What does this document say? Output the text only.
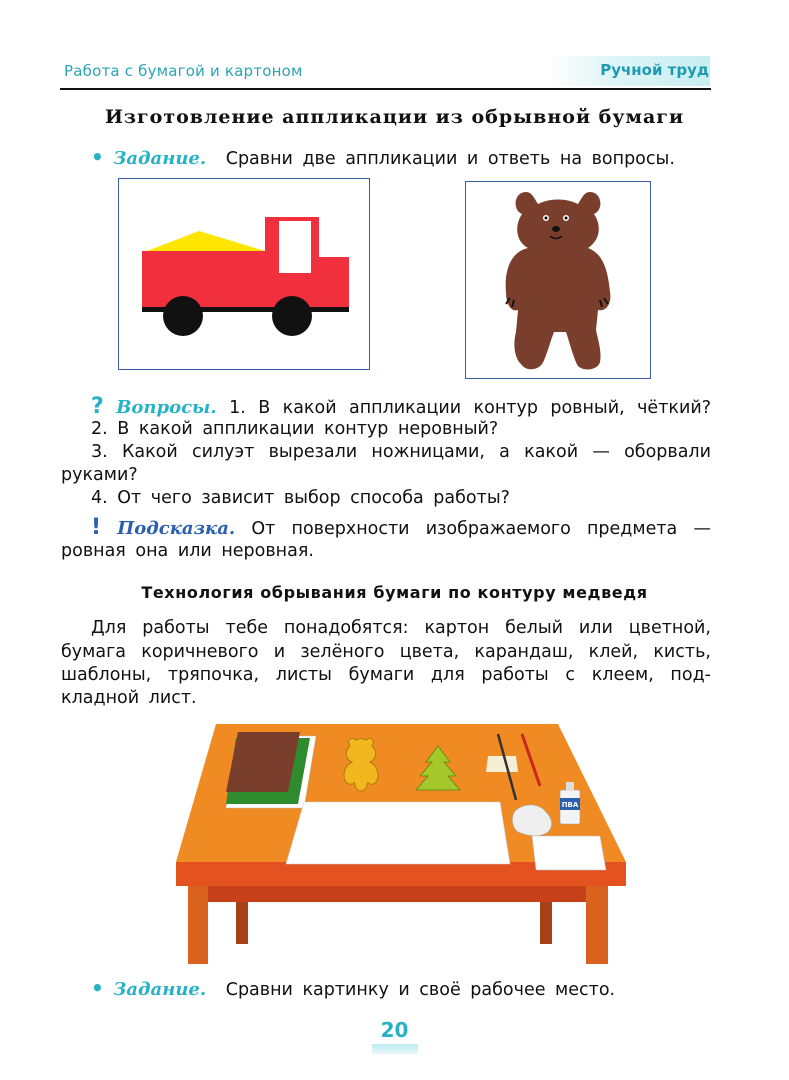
Работа с бумагой и картоном	Ручной труд
Изготовление аппликации из обрывной бумаги
• Задание. Сравни две аппликации и ответь на вопросы.
? Вопросы. 1. В какой аппликации контур ровный, чёткий?
2. В какой аппликации контур неровный?
3. Какой силуэт вырезали ножницами, а какой — оборвали
руками?
4. От чего зависит выбор способа работы?
! Подсказка. От поверхности изображаемого предмета —
ровная она или неровная.
Технология обрывания бумаги по контуру медведя
Для работы тебе понадобятся: картон белый или цветной,
бумага коричневого и зелёного цвета, карандаш, клей, кисть,
шаблоны, тряпочка, листы бумаги для работы с клеем, под-
кладной лист.
ПВА
• Задание. Сравни картинку и своё рабочее место.
20
